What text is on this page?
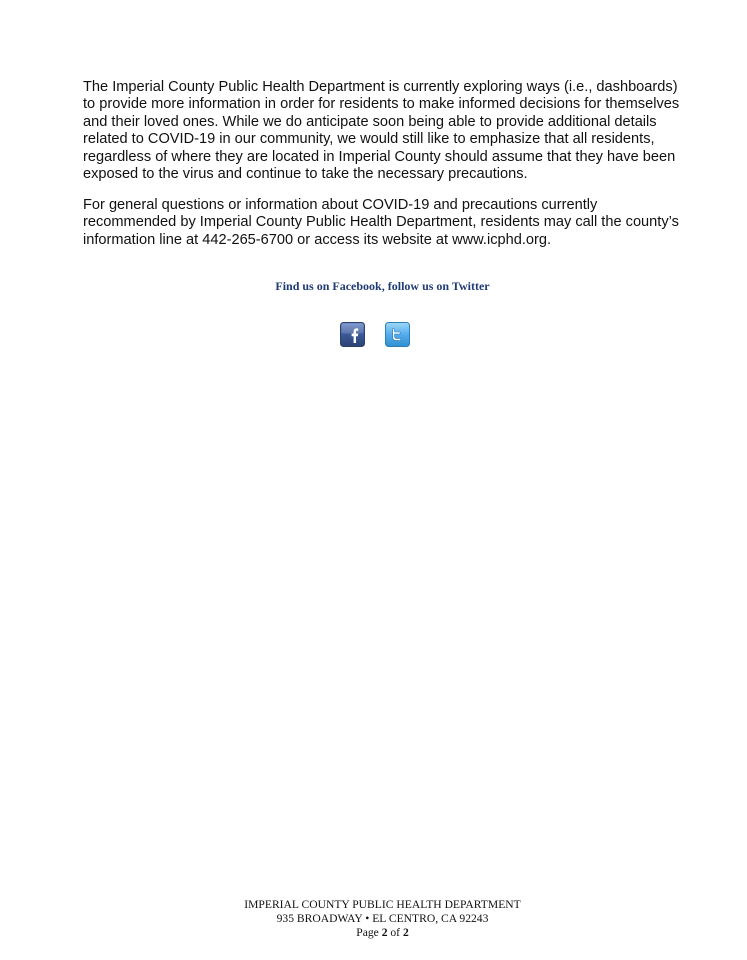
The Imperial County Public Health Department is currently exploring ways (i.e., dashboards)
to provide more information in order for residents to make informed decisions for themselves
and their loved ones. While we do anticipate soon being able to provide additional details
related to COVID-19 in our community, we would still like to emphasize that all residents,
regardless of where they are located in Imperial County should assume that they have been
exposed to the virus and continue to take the necessary precautions.

For general questions or information about COVID-19 and precautions currently
recommended by Imperial County Public Health Department, residents may call the county’s
information line at 442-265-6700 or access its website at www.icphd.org.

Find us on Facebook, follow us on Twitter
IMPERIAL COUNTY PUBLIC HEALTH DEPARTMENT
935 BROADWAY • EL CENTRO, CA 92243
Page 2 of 2
